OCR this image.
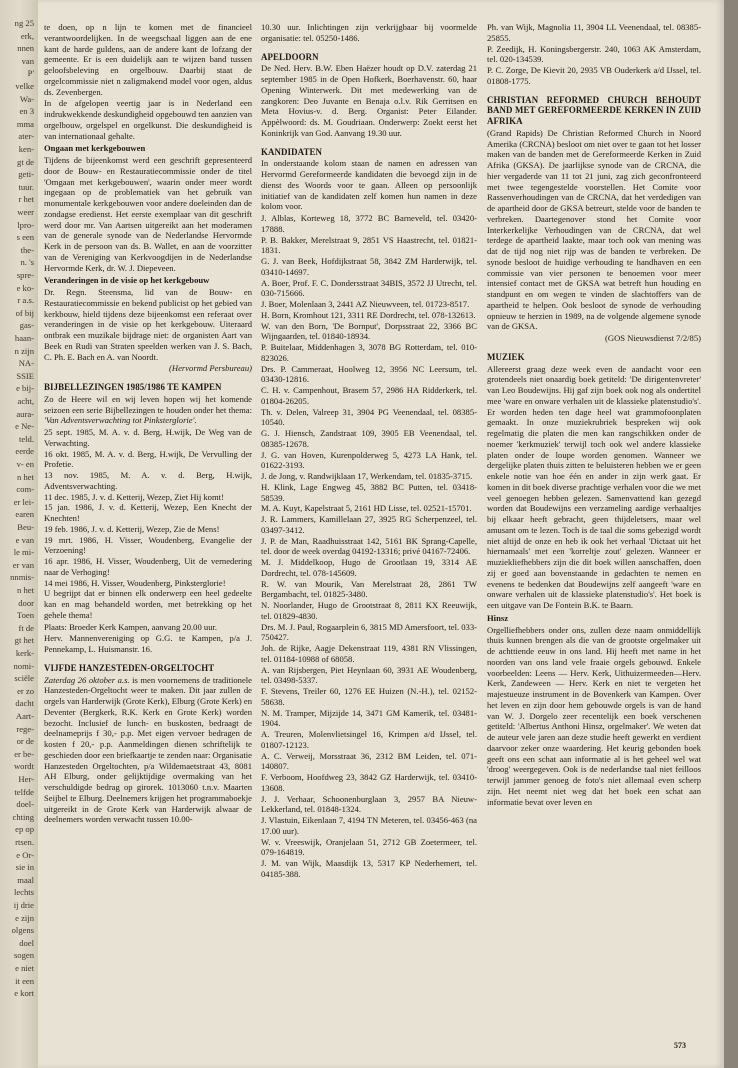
ng 25
erk,
nnen
van
P'
velke
Wa-
en 3
mma
ater-
ken-
gt de
geti-
tuur.
r het
weer
lpro-
s een
the-
n. 's
spre-
e ko-
r a.s.
of bij
gas-
haan-
n zijn
NA-
SSIE
e bij-
acht,
aura-
e Ne-
teld.
eerde
v- en
n het
com-
er lei-
earen
Beu-
e van
le mi-
er van
nnmis-
n het
door
Toen
ft de
gt het
kerk-
nomi-
sciële
er zo
dacht
Aart-
rege-
or de
er be-
wordt
Her-
telfde
doel-
chting
ep op
rtsen.
e Or-
sie in
maal
lechts
ij drie
e zijn
olgens
doel
sogen
e niet
it een
e kort

te doen, op n lijn te komen met de financieel verantwoordelijken. In de weegschaal liggen aan de ene kant de harde guldens, aan de andere kant de lofzang der gemeente. Er is een duidelijk aan te wijzen band tussen geloofsbeleving en orgelbouw. Daarbij staat de orgelcommissie niet n zaligmakend model voor ogen, aldus ds. Zevenbergen.

In de afgelopen veertig jaar is in Nederland een indrukwekkende deskundigheid opgebouwd ten aanzien van orgelbouw, orgelspel en orgelkunst. Die deskundigheid is van internationaal gehalte.

Ongaan met kerkgebouwen

Tijdens de bijeenkomst werd een geschrift gepresenteerd door de Bouw- en Restauratiecommissie onder de titel 'Omgaan met kerkgebouwen', waarin onder meer wordt ingegaan op de problematiek van het gebruik van monumentale kerkgebouwen voor andere doeleinden dan de zondagse eredienst. Het eerste exemplaar van dit geschrift werd door mr. Van Aartsen uitgereikt aan het moderamen van de generale synode van de Nederlandse Hervormde Kerk in de persoon van ds. B. Wallet, en aan de voorzitter van de Vereniging van Kerkvoogdijen in de Nederlandse Hervormde Kerk, dr. W. J. Diepeveen.

Veranderingen in de visie op het kerkgebouw

Dr. Regn. Steensma, lid van de Bouw- en Restauratiecommissie en bekend publicist op het gebied van kerkbouw, hield tijdens deze bijeenkomst een referaat over veranderingen in de visie op het kerkgebouw. Uiteraard ontbrak een muzikale bijdrage niet: de organisten Aart van Beek en Rudi van Straten speelden werken van J. S. Bach, C. Ph. E. Bach en A. van Noordt.

(Hervormd Persbureau)

BIJBELLEZINGEN 1985/1986 TE KAMPEN

Zo de Heere wil en wij leven hopen wij het komende seizoen een serie Bijbellezingen te houden onder het thema: 'Van Adventsverwachting tot Pinksterglorie'.

25 sept. 1985, M. A. v. d. Berg, H.wijk, De Weg van de Verwachting.
16 okt. 1985, M. A. v. d. Berg, H.wijk, De Vervulling der Profetie.
13 nov. 1985, M. A. v. d. Berg, H.wijk, Adventsverwachting.
11 dec. 1985, J. v. d. Ketterij, Wezep, Ziet Hij komt!
15 jan. 1986, J. v. d. Ketterij, Wezep, Een Knecht der Knechten!
19 feb. 1986, J. v. d. Ketterij, Wezep, Zie de Mens!
19 mrt. 1986, H. Visser, Woudenberg, Evangelie der Verzoening!
16 apr. 1986, H. Visser, Woudenberg, Uit de vernedering naar de Verhoging!
14 mei 1986, H. Visser, Woudenberg, Pinksterglorie!

U begrijpt dat er binnen elk onderwerp een heel gedeelte kan en mag behandeld worden, met betrekking op het gehele thema!

Plaats: Broeder Kerk Kampen, aanvang 20.00 uur.

Herv. Mannenvereniging op G.G. te Kampen, p/a J. Pennekamp, L. Huismanstr. 16.

VIJFDE HANZESTEDEN-ORGELTOCHT

Zaterdag 26 oktober a.s. is men voornemens de traditionele Hanzesteden-Orgeltocht weer te maken. Dit jaar zullen de orgels van Harderwijk (Grote Kerk), Elburg (Grote Kerk) en Deventer (Bergkerk, R.K. Kerk en Grote Kerk) worden bezocht. Inclusief de lunch- en buskosten, bedraagt de deelnameprijs f 30,- p.p. Met eigen vervoer bedragen de kosten f 20,- p.p. Aanmeldingen dienen schriftelijk te geschieden door een briefkaartje te zenden naar: Organisatie Hanzesteden Orgeltochten, p/a Wildemaetstraat 43, 8081 AH Elburg, onder gelijktijdige overmaking van het verschuldigde bedrag op girorek. 1013060 t.n.v. Maarten Seijbel te Elburg. Deelnemers krijgen het programmaboekje uitgereikt in de Grote Kerk van Harderwijk alwaar de deelnemers worden verwacht tussen 10.00-

10.30 uur. Inlichtingen zijn verkrijgbaar bij voormelde organisatie: tel. 05250-1486.

APELDOORN

De Ned. Herv. B.W. Eben Haëzer houdt op D.V. zaterdag 21 september 1985 in de Open Hofkerk, Boerhavenstr. 60, haar Opening Winterwerk. Dit met medewerking van de zangkoren: Deo Juvante en Benaja o.l.v. Rik Gerritsen en Meta Hovius-v. d. Berg. Organist: Peter Eilander. Appèlwoord: ds. M. Goudriaan. Onderwerp: Zoekt eerst het Koninkrijk van God. Aanvang 19.30 uur.

KANDIDATEN

In onderstaande kolom staan de namen en adressen van Hervormd Gereformeerde kandidaten die bevoegd zijn in de dienst des Woords voor te gaan. Alleen op persoonlijk initiatief van de kandidaten zelf komen hun namen in deze kolom voor.

J. Alblas, Korteweg 18, 3772 BC Barneveld, tel. 03420-17888.
P. B. Bakker, Merelstraat 9, 2851 VS Haastrecht, tel. 01821-1831.
G. J. van Beek, Hofdijkstraat 58, 3842 ZM Harderwijk, tel. 03410-14697.
A. Boer, Prof. F. C. Dondersstraat 34BIS, 3572 JJ Utrecht, tel. 030-715666.
J. Boer, Molenlaan 3, 2441 AZ Nieuwveen, tel. 01723-8517.
H. Born, Kromhout 121, 3311 RE Dordrecht, tel. 078-132613.
W. van den Born, 'De Bornput', Dorpsstraat 22, 3366 BC Wijngaarden, tel. 01840-18934.
P. Buitelaar, Middenhagen 3, 3078 BG Rotterdam, tel. 010-823026.
Drs. P. Cammeraat, Hoolweg 12, 3956 NC Leersum, tel. 03430-12816.
C. H. v. Campenhout, Brasem 57, 2986 HA Ridderkerk, tel. 01804-26205.
Th. v. Delen, Valreep 31, 3904 PG Veenendaal, tel. 08385-10540.
G. J. Hiensch, Zandstraat 109, 3905 EB Veenendaal, tel. 08385-12678.
J. G. van Hoven, Kurenpolderweg 5, 4273 LA Hank, tel. 01622-3193.
J. de Jong, v. Randwijklaan 17, Werkendam, tel. 01835-3715.
H. Klink, Lage Engweg 45, 3882 BC Putten, tel. 03418-58539.
M. A. Kuyt, Kapelstraat 5, 2161 HD Lisse, tel. 02521-15701.
J. R. Lammers, Kamillelaan 27, 3925 RG Scherpenzeel, tel. 03497-3412.
J. P. de Man, Raadhuisstraat 142, 5161 BK Sprang-Capelle, tel. door de week overdag 04192-13316; privé 04167-72406.
M. J. Middelkoop, Hugo de Grootlaan 19, 3314 AE Dordrecht, tel. 078-145609.
R. W. van Mourik, Van Merelstraat 28, 2861 TW Bergambacht, tel. 01825-3480.
N. Noorlander, Hugo de Grootstraat 8, 2811 KX Reeuwijk, tel. 01829-4830.
Drs. M. J. Paul, Rogaarplein 6, 3815 MD Amersfoort, tel. 033-750427.
Joh. de Rijke, Aagje Dekenstraat 119, 4381 RN Vlissingen, tel. 01184-10988 of 68058.
A. van Rijsbergen, Piet Heynlaan 60, 3931 AE Woudenberg, tel. 03498-5337.
F. Stevens, Treiler 60, 1276 EE Huizen (N.-H.), tel. 02152-58638.
N. M. Tramper, Mijzijde 14, 3471 GM Kamerik, tel. 03481-1904.
A. Treuren, Molenvlietsingel 16, Krimpen a/d IJssel, tel. 01807-12123.
A. C. Verweij, Morsstraat 36, 2312 BM Leiden, tel. 071-140807.
F. Verboom, Hoofdweg 23, 3842 GZ Harderwijk, tel. 03410-13608.
J. J. Verhaar, Schoonenburglaan 3, 2957 BA Nieuw-Lekkerland, tel. 01848-1324.
J. Vlastuin, Eikenlaan 7, 4194 TN Meteren, tel. 03456-463 (na 17.00 uur).
W. v. Vreeswijk, Oranjelaan 51, 2712 GB Zoetermeer, tel. 079-164819.
J. M. van Wijk, Maasdijk 13, 5317 KP Nederhemert, tel. 04185-388.
Ph. van Wijk, Magnolia 11, 3904 LL Veenendaal, tel. 08385-25855.
P. Zeedijk, H. Koningsbergerstr. 240, 1063 AK Amsterdam, tel. 020-134539.
P. C. Zorge, De Kievit 20, 2935 VB Ouderkerk a/d IJssel, tel. 01808-1775.

CHRISTIAN REFORMED CHURCH BEHOUDT BAND MET GEREFORMEERDE KERKEN IN ZUID AFRIKA

(Grand Rapids) De Christian Reformed Church in Noord Amerika (CRCNA) besloot om niet over te gaan tot het losser maken van de banden met de Gereformeerde Kerken in Zuid Afrika (GKSA). De jaarlijkse synode van de CRCNA, die hier vergaderde van 11 tot 21 juni, zag zich geconfronteerd met twee tegengestelde voorstellen. Het Comite voor Rassenverhoudingen van de CRCNA, dat het verdedigen van de apartheid door de GKSA betreurt, stelde voor de banden te verbreken. Daartegenover stond het Comite voor Interkerkelijke Verhoudingen van de CRCNA, dat wel terdege de apartheid laakte, maar toch ook van mening was dat de tijd nog niet rijp was de banden te verbreken. De synode besloot de huidige verhouding te handhaven en een commissie van vier personen te benoemen voor meer intensief contact met de GKSA wat betreft hun houding en standpunt en om wegen te vinden de slachtoffers van de apartheid te helpen. Ook besloot de synode de verhouding opnieuw te herzien in 1989, na de volgende algemene synode van de GKSA.

(GOS Nieuwsdienst 7/2/85)

MUZIEK

Allereerst graag deze week even de aandacht voor een grotendeels niet onaardig boek getiteld: 'De dirigentenvreter' van Leo Boudewijns. Hij gaf zijn boek ook nog als ondertitel mee 'ware en onware verhalen uit de klassieke platenstudio's'. Er worden heden ten dage heel wat grammofoonplaten gemaakt. In onze muziekrubriek bespreken wij ook regelmatig die platen die men kan rangschikken onder de noemer 'kerkmuziek' terwijl toch ook wel andere klassieke platen onder de loupe worden genomen. Wanneer we dergelijke platen thuis zitten te beluisteren hebben we er geen enkele notie van hoe één en ander in zijn werk gaat. Er komen in dit boek diverse prachtige verhalen voor die we met veel genoegen hebben gelezen. Samenvattend kan gezegd worden dat Boudewijns een verzameling aardige verhaaltjes bij elkaar heeft gebracht, geen thijdeletsers, maar wel amusant om te lezen. Toch is de taal die soms gebezigd wordt niet altijd de onze en heb ik ook het verhaal 'Dictaat uit het hiernamaals' met een 'korreltje zout' gelezen. Wanneer er muziekliefhebbers zijn die dit boek willen aanschaffen, doen zij er goed aan bovenstaande in gedachten te nemen en evenens te bedenken dat Boudewijns zelf aangeeft 'ware en onware verhalen uit de klassieke platenstudio's'. Het boek is een uitgave van De Fontein B.K. te Baarn.

Hinsz

Orgelliefhebbers onder ons, zullen deze naam onmiddellijk thuis kunnen brengen als die van de grootste orgelmaker uit de achttiende eeuw in ons land. Hij heeft met name in het noorden van ons land vele fraaie orgels gebouwd. Enkele voorbeelden: Leens — Herv. Kerk, Uithuizermeeden—Herv. Kerk, Zandeween — Herv. Kerk en niet te vergeten het majestueuze instrument in de Bovenkerk van Kampen. Over het leven en zijn door hem gebouwde orgels is van de hand van W. J. Dorgelo zeer recentelijk een boek verschenen getiteld: 'Albertus Anthoni Hinsz, orgelmaker'. We weten dat de auteur vele jaren aan deze studie heeft gewerkt en verdient daarvoor zeker onze waardering. Het keurig gebonden boek geeft ons een schat aan informatie al is het geheel wel wat 'droog' weergegeven. Ook is de nederlandse taal niet feilloos terwijl jammer genoeg de foto's niet allemaal even scherp zijn. Het neemt niet weg dat het boek een schat aan informatie bevat over leven en

573
